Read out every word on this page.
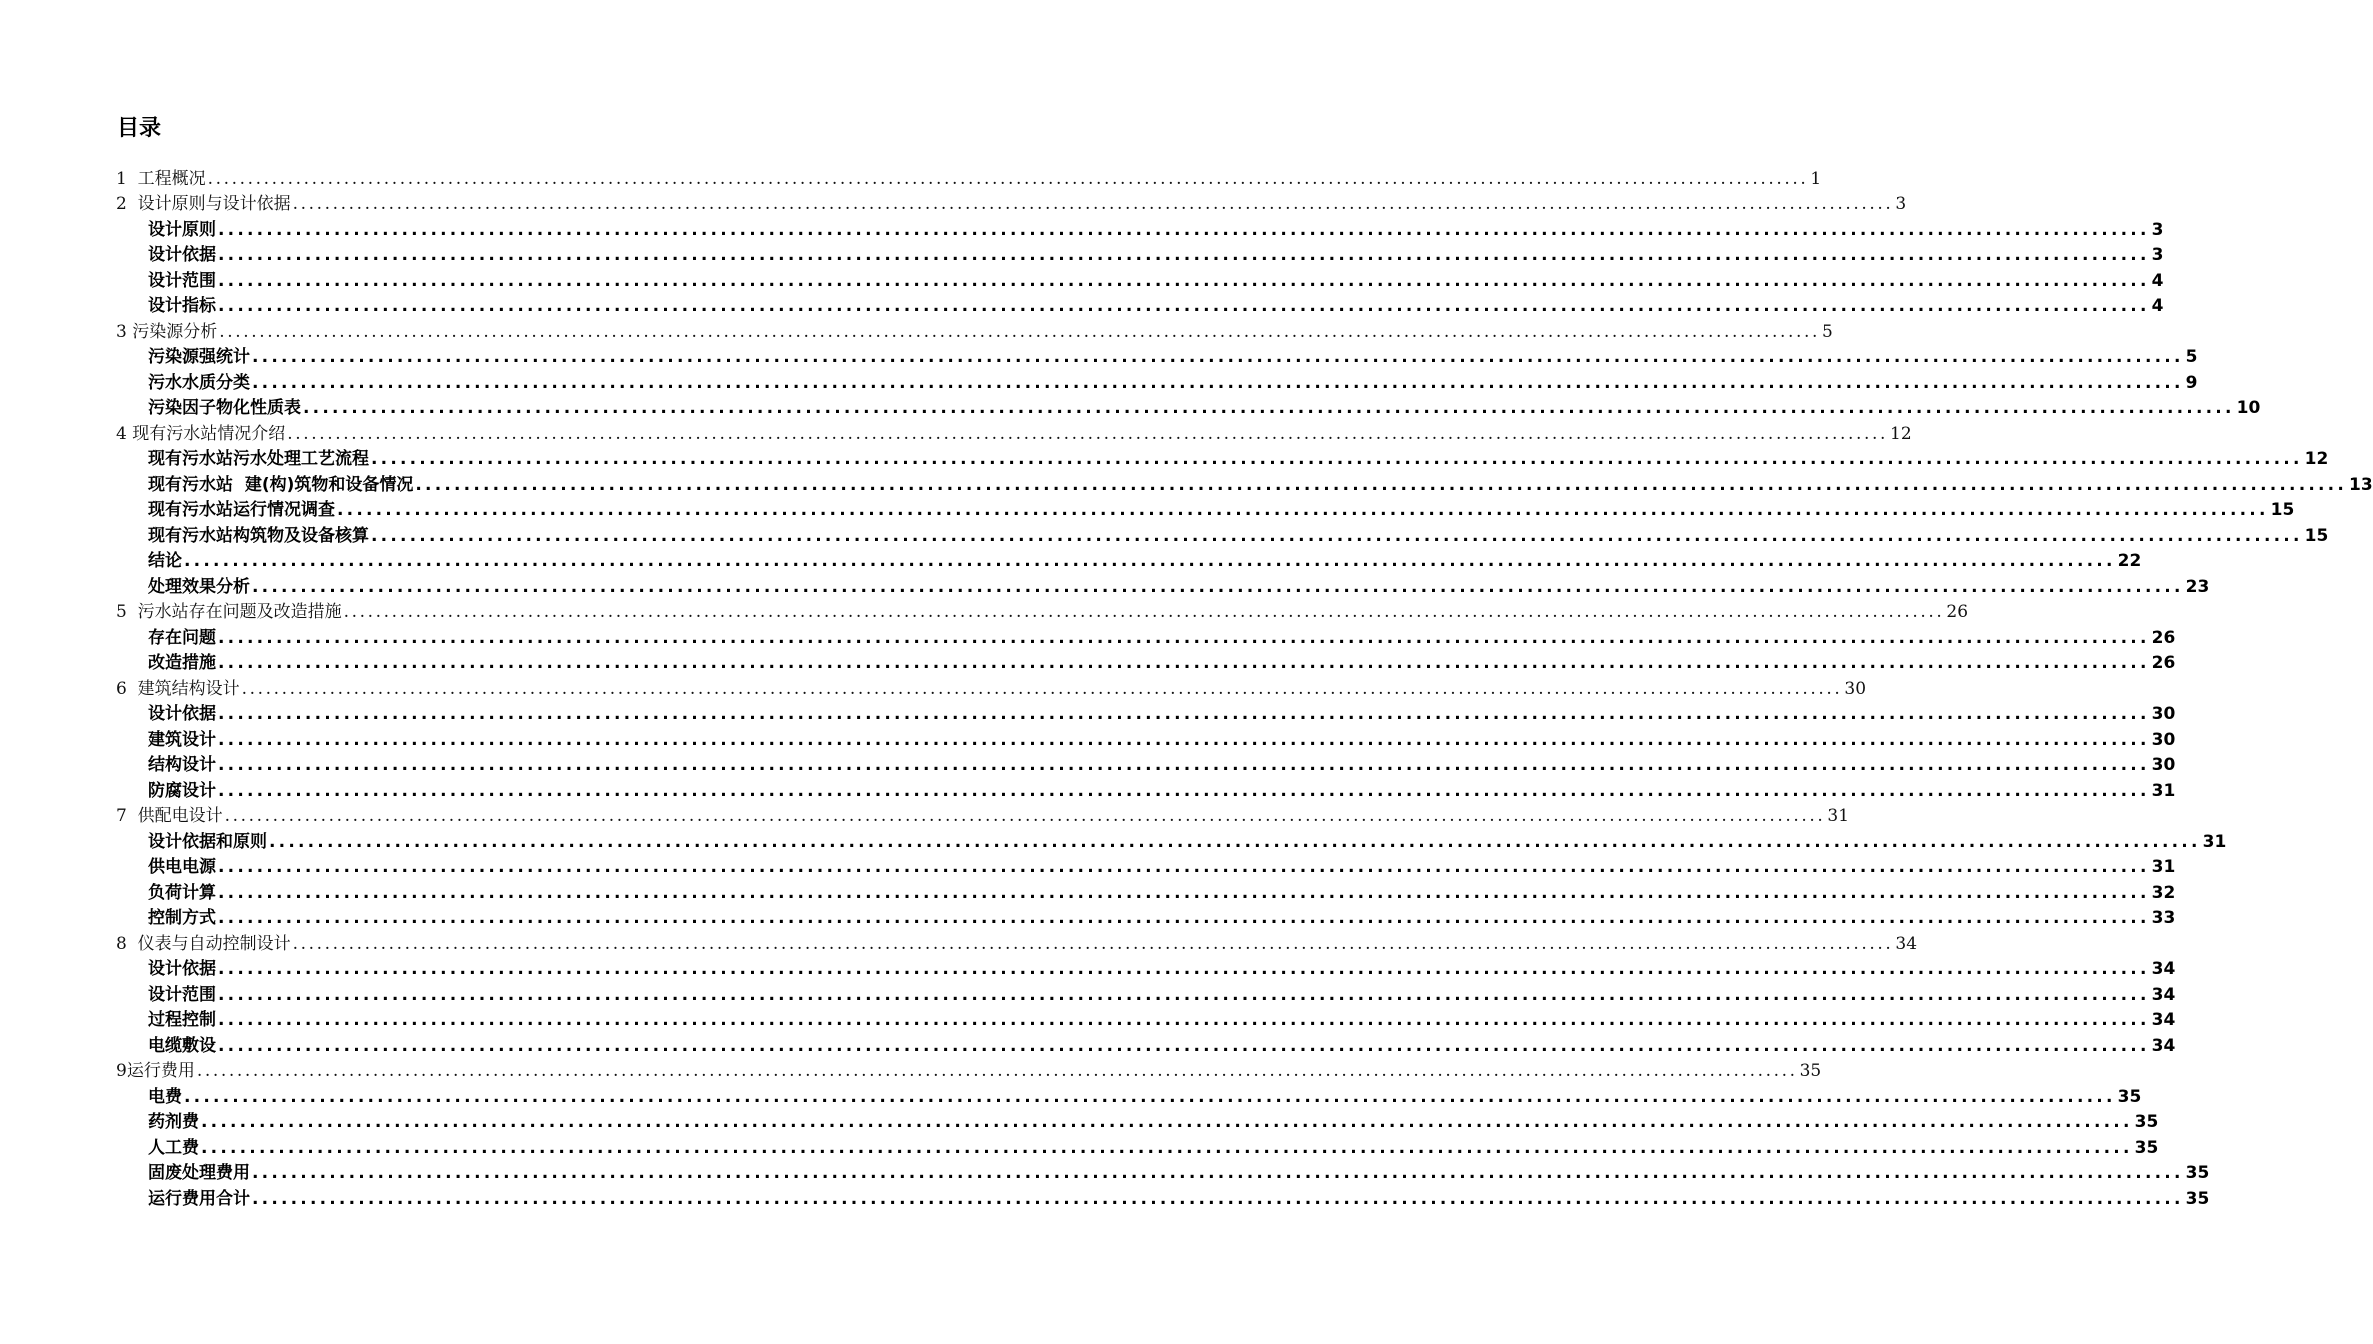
目录
1  工程概况 ........................................................................................................................................................................................................ 1
2  设计原则与设计依据 ........................................................................................................................................................................................................ 3
设计原则 ........................................................................................................................................................................................................ 3
设计依据 ........................................................................................................................................................................................................ 3
设计范围 ........................................................................................................................................................................................................ 4
设计指标 ........................................................................................................................................................................................................ 4
3 污染源分析 ........................................................................................................................................................................................................ 5
污染源强统计 ........................................................................................................................................................................................................ 5
污水水质分类 ........................................................................................................................................................................................................ 9
污染因子物化性质表 ........................................................................................................................................................................................................ 10
4 现有污水站情况介绍 ........................................................................................................................................................................................................ 12
现有污水站污水处理工艺流程 ........................................................................................................................................................................................................ 12
现有污水站  建(构)筑物和设备情况 ........................................................................................................................................................................................................ 13
现有污水站运行情况调查 ........................................................................................................................................................................................................ 15
现有污水站构筑物及设备核算 ........................................................................................................................................................................................................ 15
结论 ........................................................................................................................................................................................................ 22
处理效果分析 ........................................................................................................................................................................................................ 23
5  污水站存在问题及改造措施 ........................................................................................................................................................................................................ 26
存在问题 ........................................................................................................................................................................................................ 26
改造措施 ........................................................................................................................................................................................................ 26
6  建筑结构设计 ........................................................................................................................................................................................................ 30
设计依据 ........................................................................................................................................................................................................ 30
建筑设计 ........................................................................................................................................................................................................ 30
结构设计 ........................................................................................................................................................................................................ 30
防腐设计 ........................................................................................................................................................................................................ 31
7  供配电设计 ........................................................................................................................................................................................................ 31
设计依据和原则 ........................................................................................................................................................................................................ 31
供电电源 ........................................................................................................................................................................................................ 31
负荷计算 ........................................................................................................................................................................................................ 32
控制方式 ........................................................................................................................................................................................................ 33
8  仪表与自动控制设计 ........................................................................................................................................................................................................ 34
设计依据 ........................................................................................................................................................................................................ 34
设计范围 ........................................................................................................................................................................................................ 34
过程控制 ........................................................................................................................................................................................................ 34
电缆敷设 ........................................................................................................................................................................................................ 34
9运行费用 ........................................................................................................................................................................................................ 35
电费 ........................................................................................................................................................................................................ 35
药剂费 ........................................................................................................................................................................................................ 35
人工费 ........................................................................................................................................................................................................ 35
固废处理费用 ........................................................................................................................................................................................................ 35
运行费用合计 ........................................................................................................................................................................................................ 35
